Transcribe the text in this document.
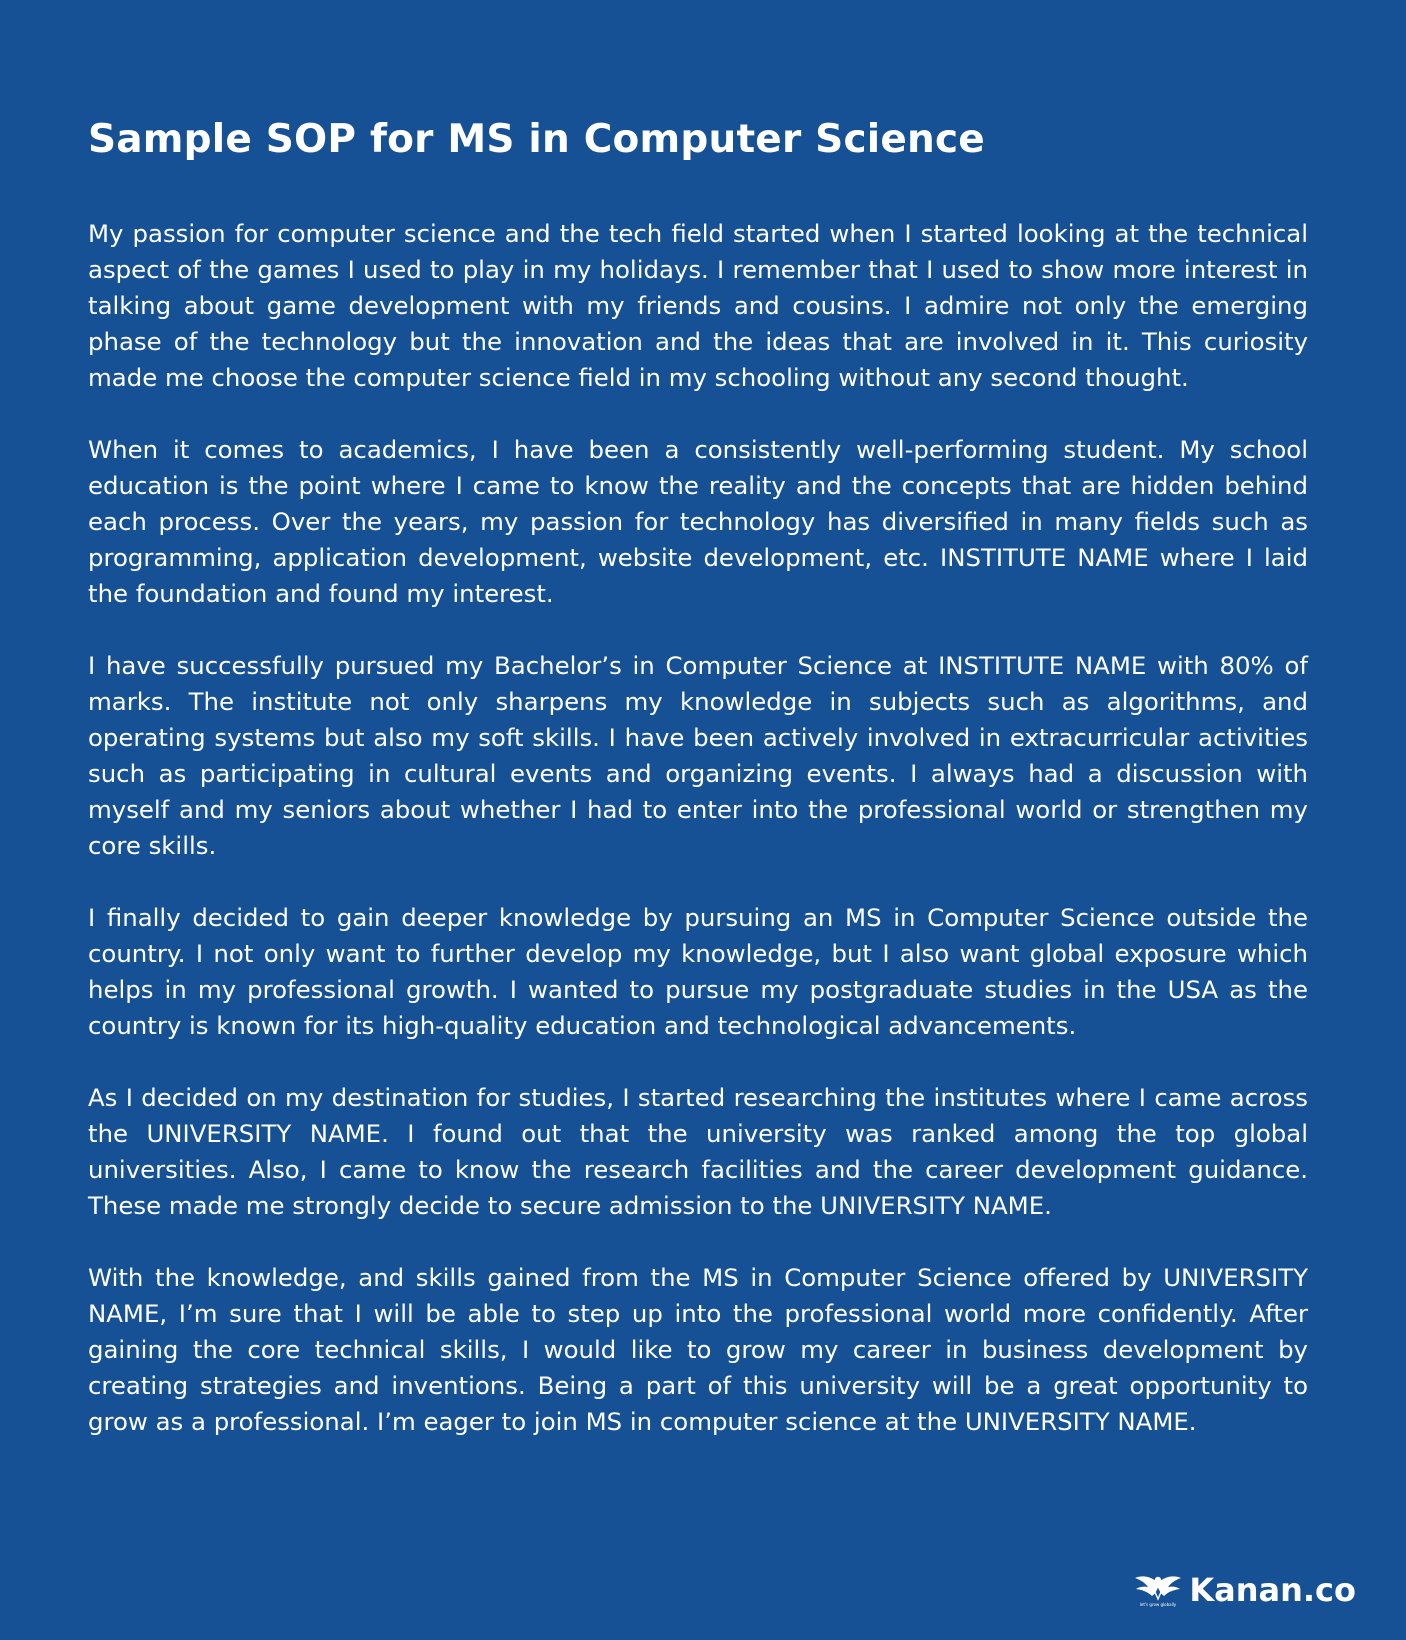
Sample SOP for MS in Computer Science

My passion for computer science and the tech field started when I started looking at the technical aspect of the games I used to play in my holidays. I remember that I used to show more interest in talking about game development with my friends and cousins. I admire not only the emerging phase of the technology but the innovation and the ideas that are involved in it. This curiosity made me choose the computer science field in my schooling without any second thought.

When it comes to academics, I have been a consistently well-performing student. My school education is the point where I came to know the reality and the concepts that are hidden behind each process. Over the years, my passion for technology has diversified in many fields such as programming, application development, website development, etc. INSTITUTE NAME where I laid the foundation and found my interest.

I have successfully pursued my Bachelor’s in Computer Science at INSTITUTE NAME with 80% of marks. The institute not only sharpens my knowledge in subjects such as algorithms, and operating systems but also my soft skills. I have been actively involved in extracurricular activities such as participating in cultural events and organizing events. I always had a discussion with myself and my seniors about whether I had to enter into the professional world or strengthen my core skills.

I finally decided to gain deeper knowledge by pursuing an MS in Computer Science outside the country. I not only want to further develop my knowledge, but I also want global exposure which helps in my professional growth. I wanted to pursue my postgraduate studies in the USA as the country is known for its high-quality education and technological advancements.

As I decided on my destination for studies, I started researching the institutes where I came across the UNIVERSITY NAME. I found out that the university was ranked among the top global universities. Also, I came to know the research facilities and the career development guidance. These made me strongly decide to secure admission to the UNIVERSITY NAME.

With the knowledge, and skills gained from the MS in Computer Science offered by UNIVERSITY NAME, I’m sure that I will be able to step up into the professional world more confidently. After gaining the core technical skills, I would like to grow my career in business development by creating strategies and inventions. Being a part of this university will be a great opportunity to grow as a professional. I’m eager to join MS in computer science at the UNIVERSITY NAME.

let's grow globally Kanan.co
